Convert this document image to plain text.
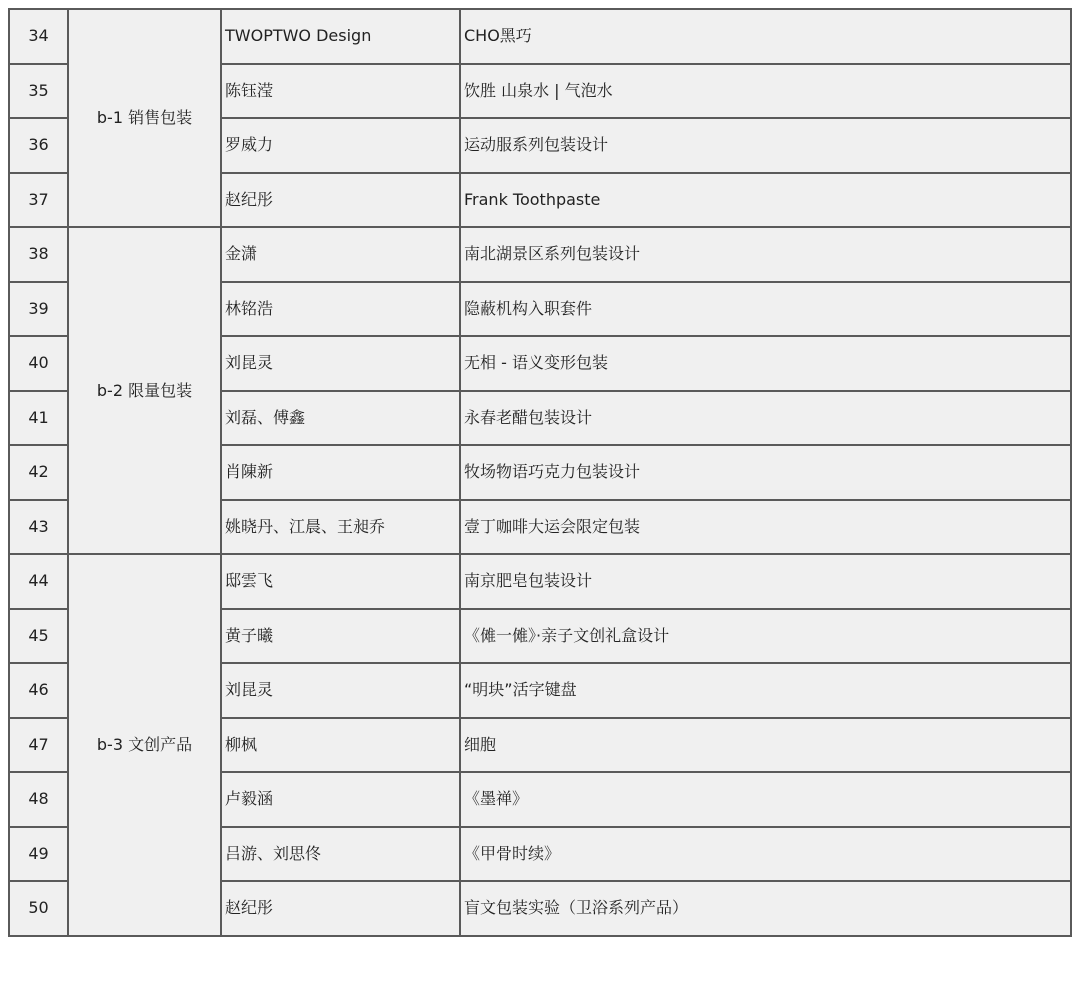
34	b-1 销售包装	TWOPTWO Design	CHO黑巧
35		陈钰滢	饮胜 山泉水 | 气泡水
36		罗威力	运动服系列包装设计
37		赵纪彤	Frank Toothpaste
38	b-2 限量包装	金潇	南北湖景区系列包装设计
39		林铭浩	隐蔽机构入职套件
40		刘昆灵	无相 - 语义变形包装
41		刘磊、傅鑫	永春老醋包装设计
42		肖陳新	牧场物语巧克力包装设计
43		姚晓丹、江晨、王昶乔	壹丁咖啡大运会限定包装
44	b-3 文创产品	邸雲飞	南京肥皂包装设计
45		黄子曦	《傩一傩》·亲子文创礼盒设计
46		刘昆灵	“明块”活字键盘
47		柳枫	细胞
48		卢毅涵	《墨禅》
49		吕游、刘思佟	《甲骨时续》
50		赵纪彤	盲文包装实验（卫浴系列产品）
